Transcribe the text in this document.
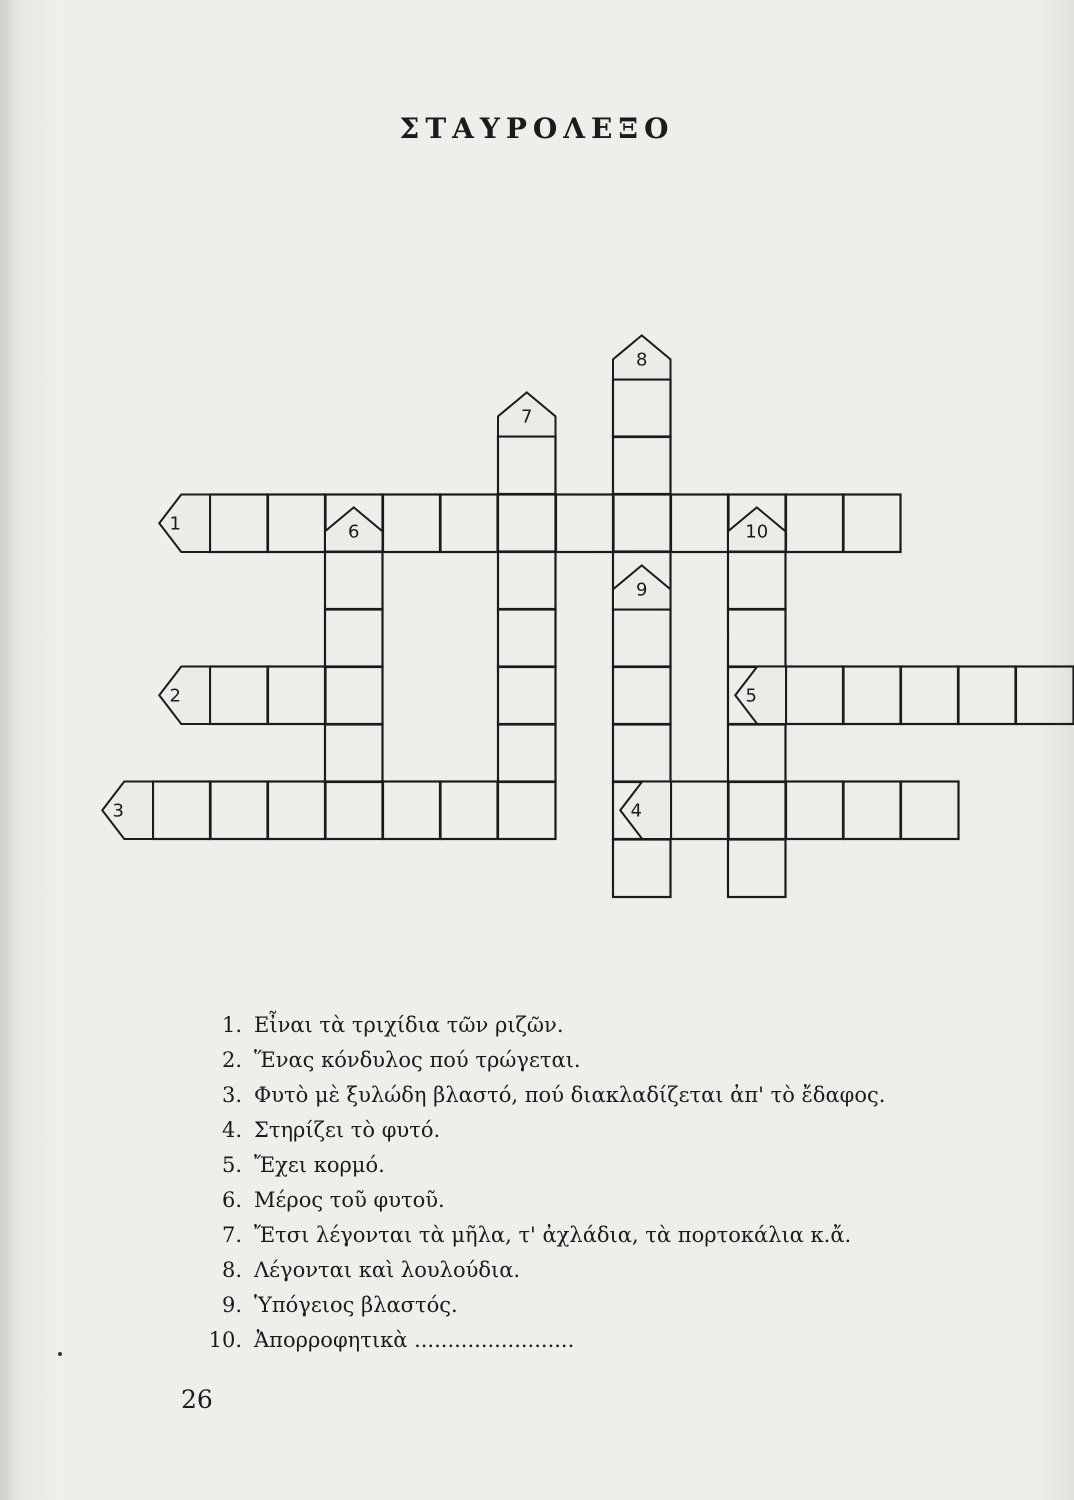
ΣΤΑΥΡΟΛΕΞΟ
1
2
3	4
5
6
7
8
9
10
1. Εἶναι τὰ τριχίδια τῶν ριζῶν.
2. Ἕνας κόνδυλος πού τρώγεται.
3. Φυτὸ μὲ ξυλώδη βλαστό, πού διακλαδίζεται ἀπ' τὸ ἔδαφος.
4. Στηρίζει τὸ φυτό.
5. Ἔχει κορμό.
6. Μέρος τοῦ φυτοῦ.
7. Ἔτσι λέγονται τὰ μῆλα, τ' ἀχλάδια, τὰ πορτοκάλια κ.ἄ.
8. Λέγονται καὶ λουλούδια.
9. Ὑπόγειος βλαστός.
10. Ἀπορροφητικὰ ........................
26
